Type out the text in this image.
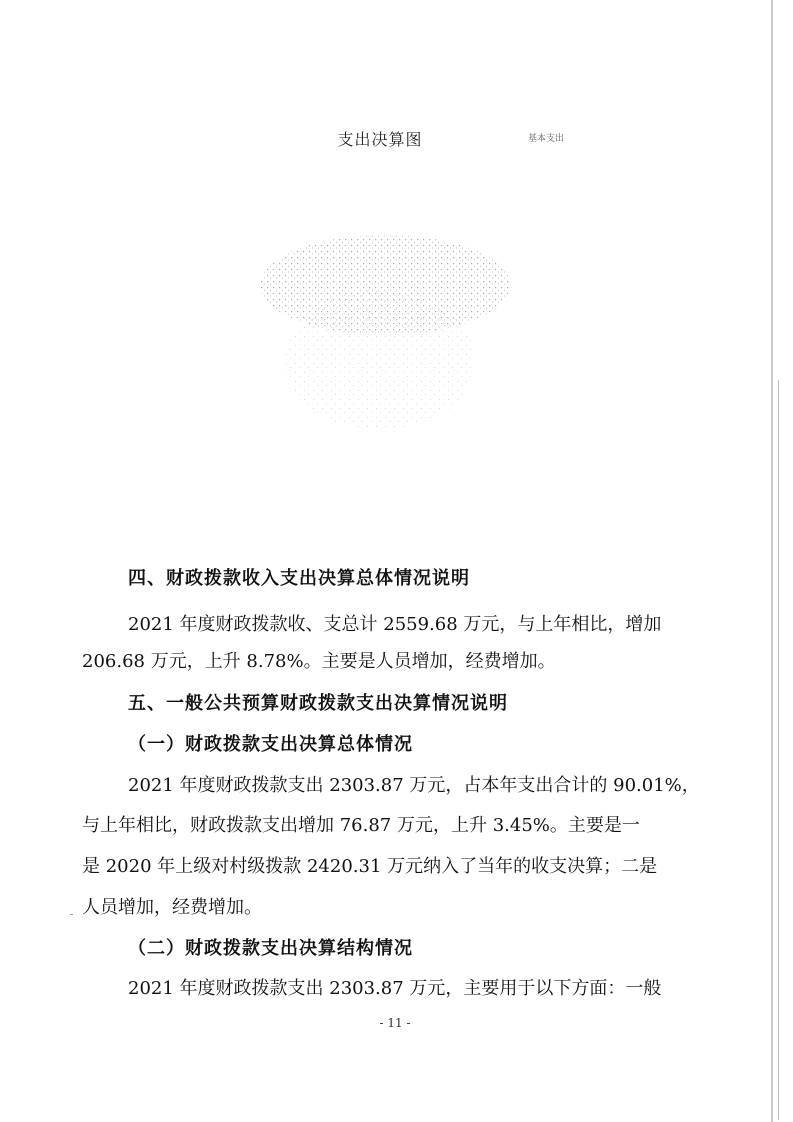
支出决算图	基本支出
四、财政拨款收入支出决算总体情况说明
2021 年度财政拨款收、支总计 2559.68 万元，与上年相比，增加
206.68 万元，上升 8.78%。主要是人员增加，经费增加。
五、一般公共预算财政拨款支出决算情况说明
（一）财政拨款支出决算总体情况
2021 年度财政拨款支出 2303.87 万元，占本年支出合计的 90.01%，
与上年相比，财政拨款支出增加 76.87 万元，上升 3.45%。主要是一
是 2020 年上级对村级拨款 2420.31 万元纳入了当年的收支决算；二是
人员增加，经费增加。
（二）财政拨款支出决算结构情况
2021 年度财政拨款支出 2303.87 万元，主要用于以下方面：一般
- 11 -
